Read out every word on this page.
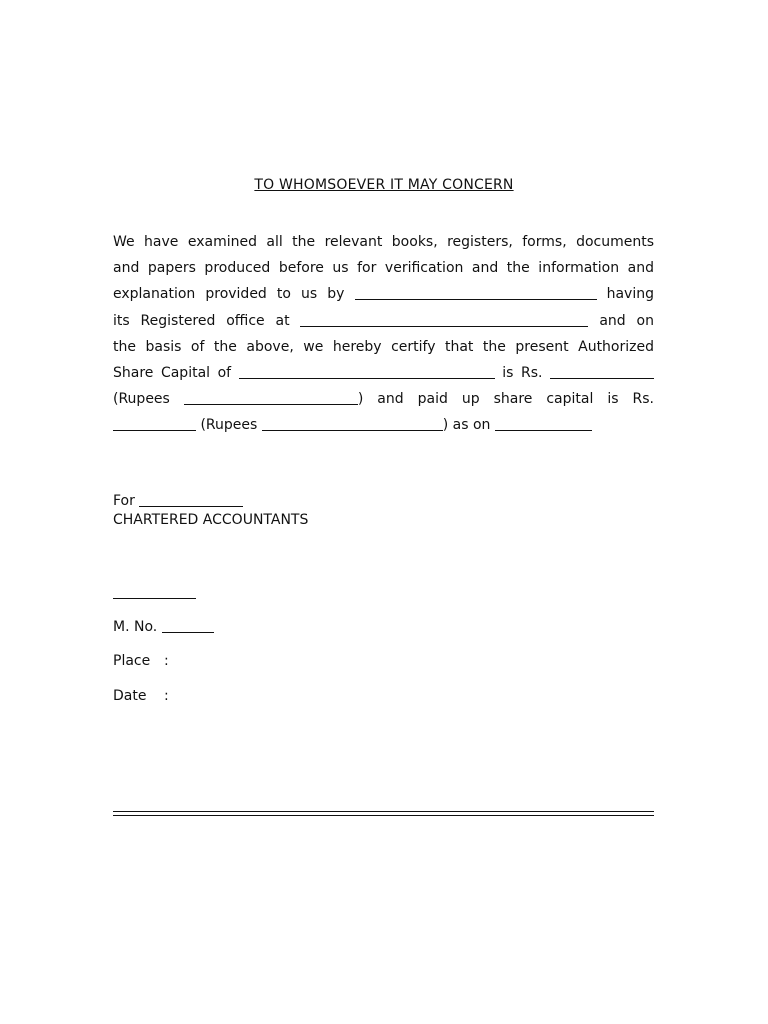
TO WHOMSOEVER IT MAY CONCERN
We have examined all the relevant books, registers, forms, documents
and papers produced before us for verification and the information and
explanation provided to us by	having
its Registered office at	and on
the basis of the above, we hereby certify that the present Authorized
Share Capital of	is Rs.
(Rupees	) and paid up share capital is Rs.
(Rupees	) as on
For
CHARTERED ACCOUNTANTS
M. No.
Place :
Date :
